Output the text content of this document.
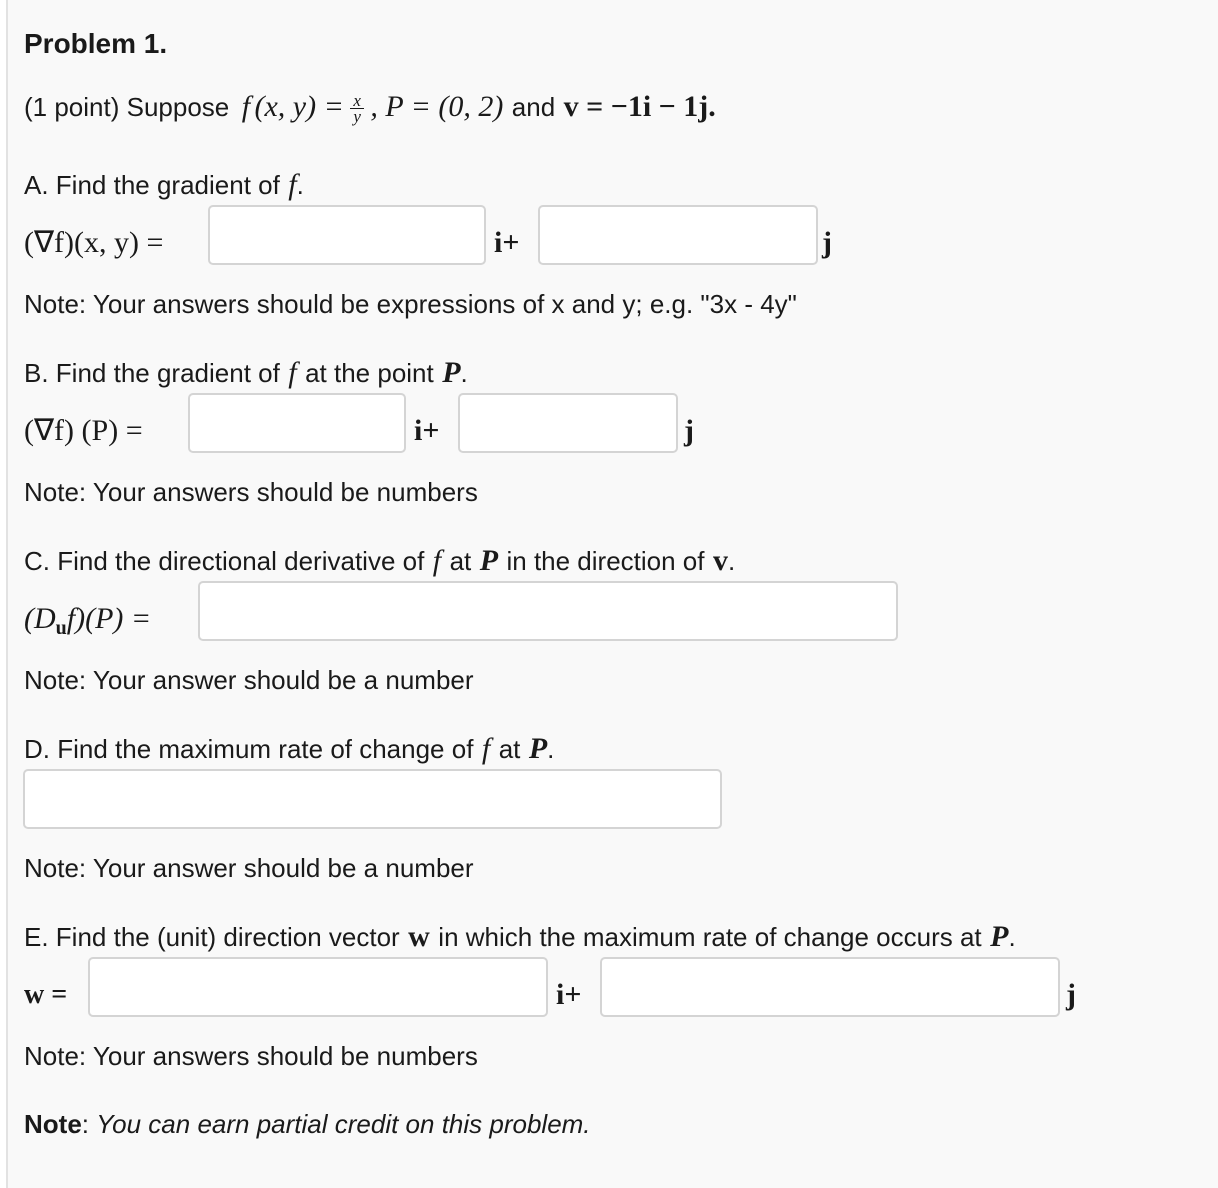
Problem 1.
(1 point) Suppose f (x, $y) = \frac{x}{y}$ , P = (0, 2) and v = −1i − 1j.
A. Find the gradient of f.
(∇f)(x, y) =	i+	j
Note: Your answers should be expressions of x and y; e.g. "3x - 4y"
B. Find the gradient of f at the point P.
(∇f) (P) =	i+	j
Note: Your answers should be numbers
C. Find the directional derivative of f at P in the direction of v.
$(D_uf)(P)$ =
Note: Your answer should be a number
D. Find the maximum rate of change of f at P.
Note: Your answer should be a number
E. Find the (unit) direction vector w in which the maximum rate of change occurs at P.
w =	i+	j
Note: Your answers should be numbers
Note: You can earn partial credit on this problem.
